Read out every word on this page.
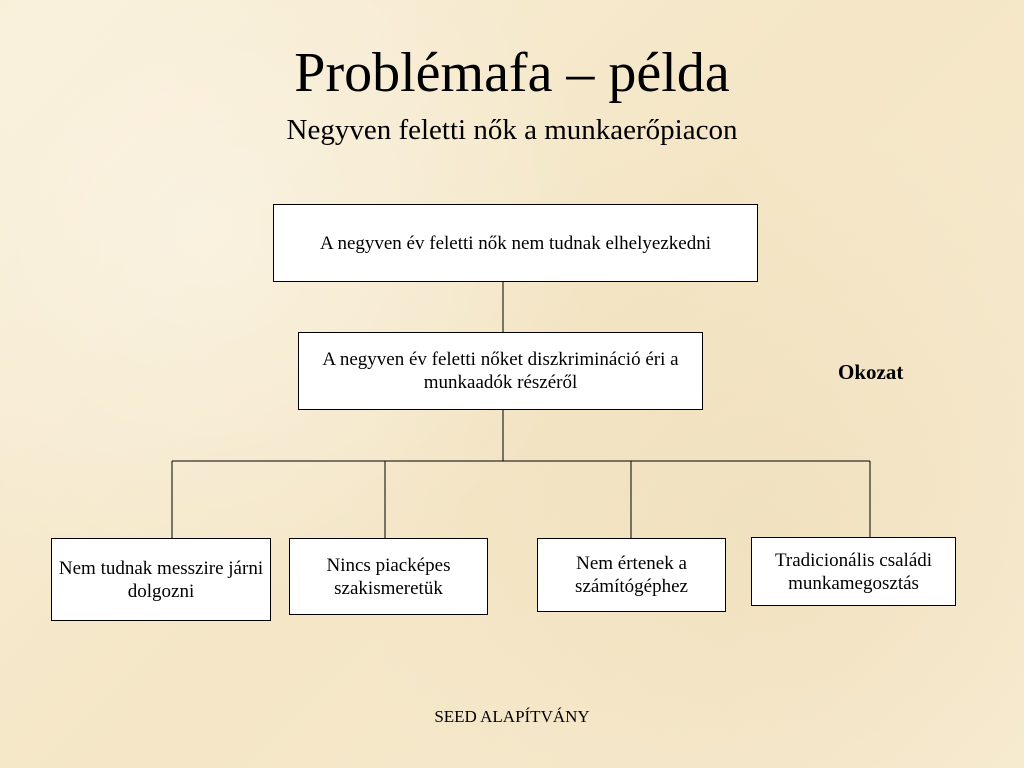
Problémafa – példa
Negyven feletti nők a munkaerőpiacon
A negyven év feletti nők nem tudnak elhelyezkedni
A negyven év feletti nőket diszkrimináció éri a munkaadók részéről	Okozat
Nem tudnak messzire járni dolgozni
Nincs piacképes szakismeretük
Nem értenek a számítógéphez
Tradicionális családi munkamegosztás
SEED ALAPÍTVÁNY
